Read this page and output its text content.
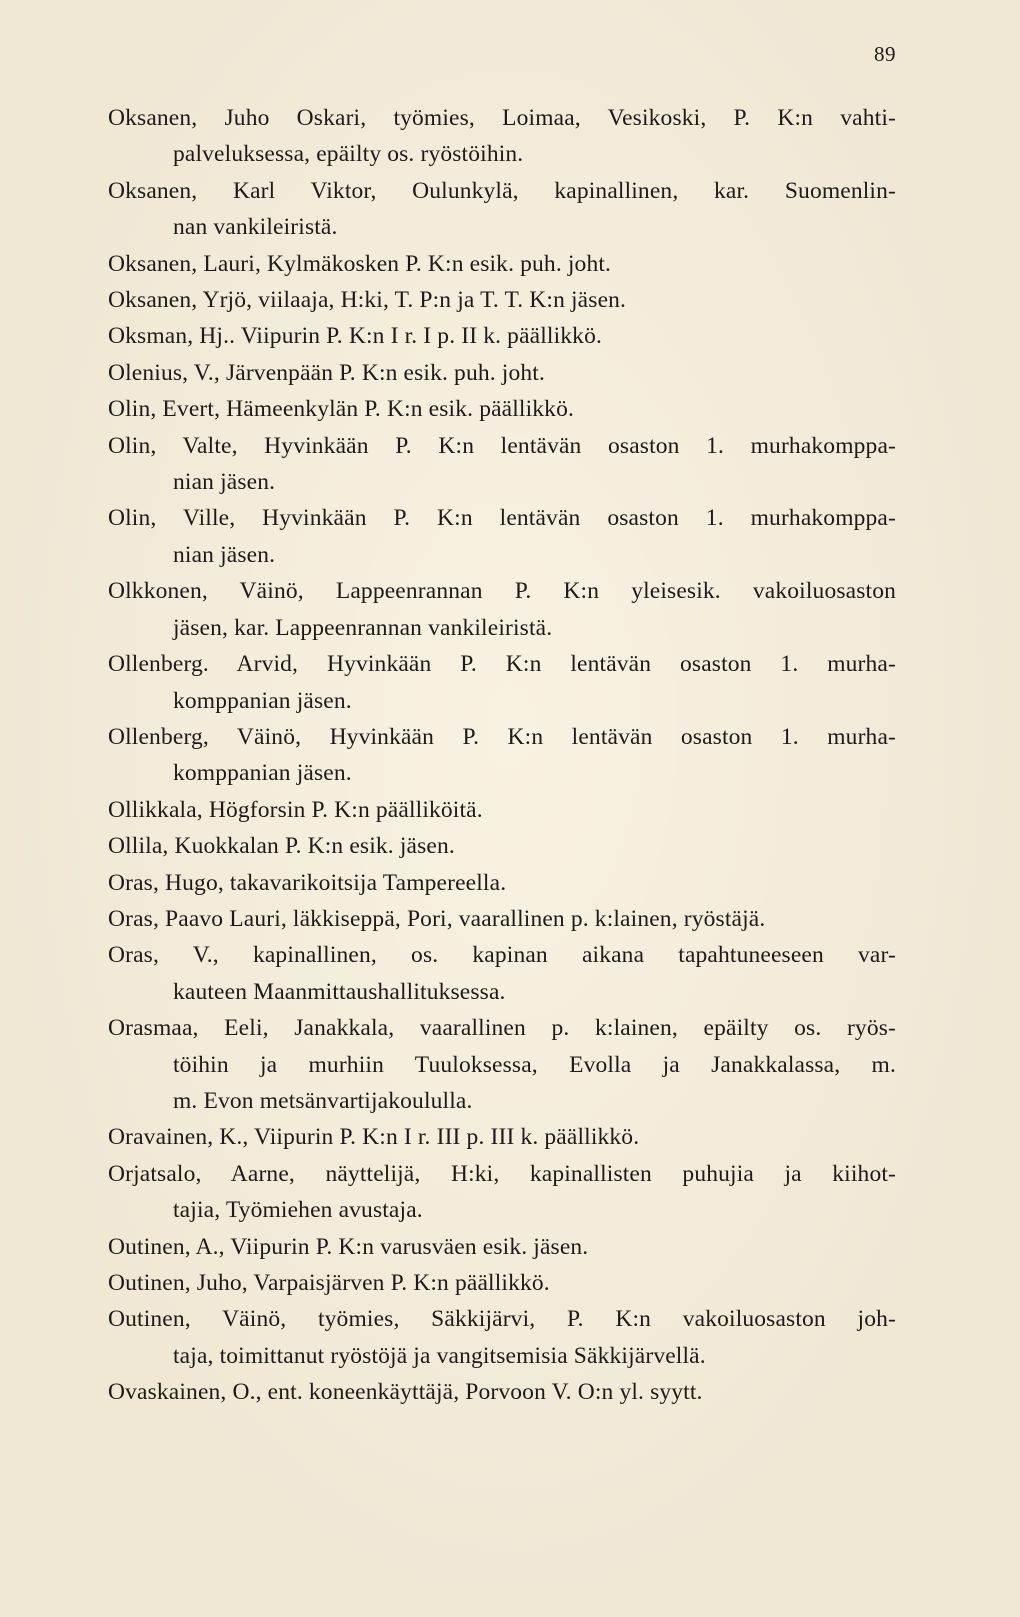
89
Oksanen, Juho Oskari, työmies, Loimaa, Vesikoski, P. K:n vahti-
palveluksessa, epäilty os. ryöstöihin.
Oksanen, Karl Viktor, Oulunkylä, kapinallinen, kar. Suomenlin-
nan vankileiristä.
Oksanen, Lauri, Kylmäkosken P. K:n esik. puh. joht.
Oksanen, Yrjö, viilaaja, H:ki, T. P:n ja T. T. K:n jäsen.
Oksman, Hj.. Viipurin P. K:n I r. I p. II k. päällikkö.
Olenius, V., Järvenpään P. K:n esik. puh. joht.
Olin, Evert, Hämeenkylän P. K:n esik. päällikkö.
Olin, Valte, Hyvinkään P. K:n lentävän osaston 1. murhakomppa-
nian jäsen.
Olin, Ville, Hyvinkään P. K:n lentävän osaston 1. murhakomppa-
nian jäsen.
Olkkonen, Väinö, Lappeenrannan P. K:n yleisesik. vakoiluosaston
jäsen, kar. Lappeenrannan vankileiristä.
Ollenberg. Arvid, Hyvinkään P. K:n lentävän osaston 1. murha-
komppanian jäsen.
Ollenberg, Väinö, Hyvinkään P. K:n lentävän osaston 1. murha-
komppanian jäsen.
Ollikkala, Högforsin P. K:n päälliköitä.
Ollila, Kuokkalan P. K:n esik. jäsen.
Oras, Hugo, takavarikoitsija Tampereella.
Oras, Paavo Lauri, läkkiseppä, Pori, vaarallinen p. k:lainen, ryöstäjä.
Oras, V., kapinallinen, os. kapinan aikana tapahtuneeseen var-
kauteen Maanmittaushallituksessa.
Orasmaa, Eeli, Janakkala, vaarallinen p. k:lainen, epäilty os. ryös-
töihin ja murhiin Tuuloksessa, Evolla ja Janakkalassa, m.
m. Evon metsänvartijakoululla.
Oravainen, K., Viipurin P. K:n I r. III p. III k. päällikkö.
Orjatsalo, Aarne, näyttelijä, H:ki, kapinallisten puhujia ja kiihot-
tajia, Työmiehen avustaja.
Outinen, A., Viipurin P. K:n varusväen esik. jäsen.
Outinen, Juho, Varpaisjärven P. K:n päällikkö.
Outinen, Väinö, työmies, Säkkijärvi, P. K:n vakoiluosaston joh-
taja, toimittanut ryöstöjä ja vangitsemisia Säkkijärvellä.
Ovaskainen, O., ent. koneenkäyttäjä, Porvoon V. O:n yl. syytt.
